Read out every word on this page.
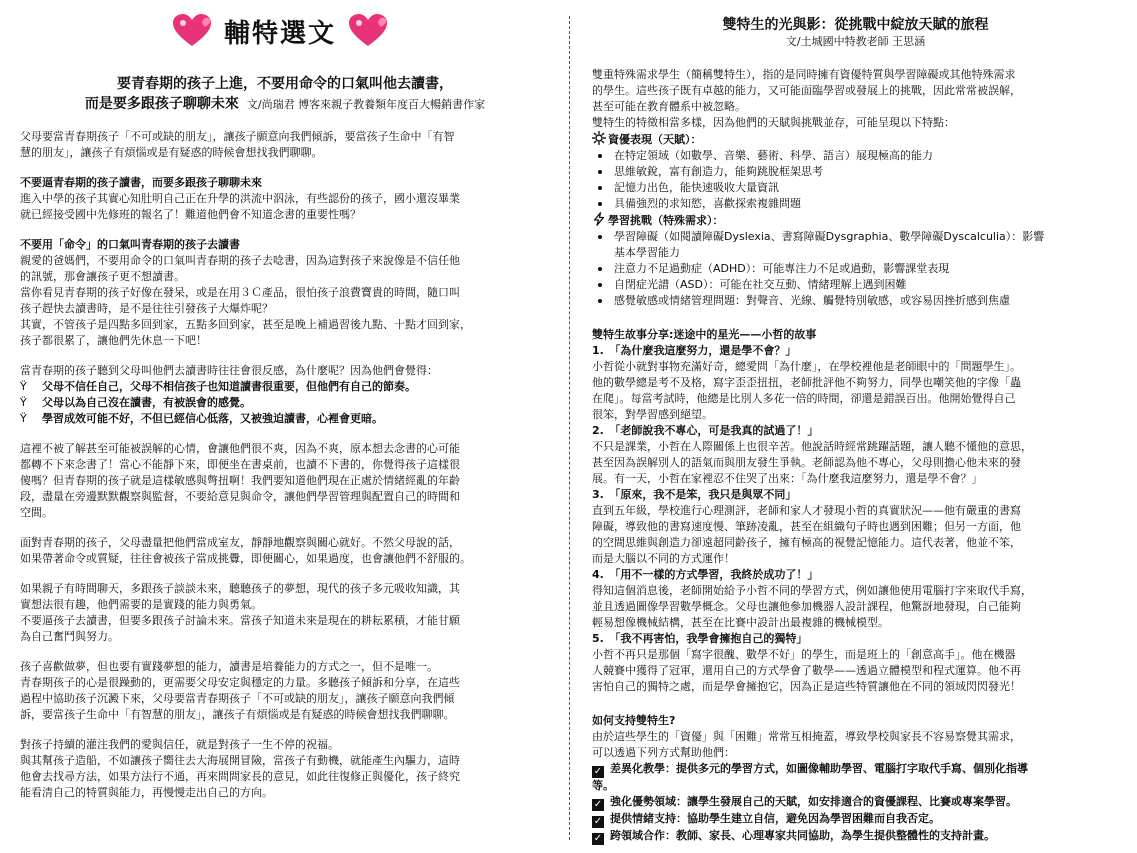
輔特選文
要青春期的孩子上進，不要用命令的口氣叫他去讀書，
而是要多跟孩子聊聊未來 文/尚瑞君 博客來親子教養類年度百大暢銷書作家

父母要當青春期孩子「不可或缺的朋友」，讓孩子願意向我們傾訴，要當孩子生命中「有智

慧的朋友」，讓孩子有煩惱或是有疑惑的時候會想找我們聊聊。

不要逼青春期的孩子讀書，而要多跟孩子聊聊未來

進入中學的孩子其實心知肚明自己正在升學的洪流中泅泳，有些認份的孩子，國小還沒畢業

就已經接受國中先修班的報名了！難道他們會不知道念書的重要性嗎？

不要用「命令」的口氣叫青春期的孩子去讀書

親愛的爸媽們，不要用命令的口氣叫青春期的孩子去唸書，因為這對孩子來說像是不信任他

的訊號，那會讓孩子更不想讀書。

當你看見青春期的孩子好像在發呆，或是在用３Ｃ產品，很怕孩子浪費寶貴的時間，隨口叫

孩子趕快去讀書時，是不是往往引發孩子大爆炸呢？

其實，不管孩子是四點多回到家，五點多回到家，甚至是晚上補過習後九點、十點才回到家，

孩子都很累了，讓他們先休息一下吧！

當青春期的孩子聽到父母叫他們去讀書時往往會很反感，為什麼呢？因為他們會覺得：

Ÿ 父母不信任自己，父母不相信孩子也知道讀書很重要，但他們有自己的節奏。
Ÿ 父母以為自己沒在讀書，有被誤會的感覺。
Ÿ 學習成效可能不好，不但已經信心低落，又被強迫讀書，心裡會更暗。

這裡不被了解甚至可能被誤解的心情，會讓他們很不爽，因為不爽，原本想去念書的心可能

都轉不下來念書了！當心不能靜下來，即便坐在書桌前，也讀不下書的，你覺得孩子這樣很

傻嗎？但青春期的孩子就是這樣敏感與彆扭啊！我們要知道他們現在正處於情緒經亂的年齡

段，盡量在旁邊默默觀察與監督，不要給意見與命令，讓他們學習管理與配置自己的時間和

空間。

面對青春期的孩子，父母盡量把他們當成室友，靜靜地觀察與關心就好。不然父母說的話，

如果帶著命令或質疑，往往會被孩子當成挑釁，即便關心，如果過度，也會讓他們不舒服的。

如果親子有時間聊天，多跟孩子談談未來，聽聽孩子的夢想，現代的孩子多元吸收知識，其

實想法很有趣，他們需要的是實踐的能力與勇氣。

不要逼孩子去讀書，但要多跟孩子討論未來。當孩子知道未來是現在的耕耘累積，才能甘願

為自己奮鬥與努力。

孩子喜歡做夢，但也要有實踐夢想的能力，讀書是培養能力的方式之一，但不是唯一。

青春期孩子的心是很躁動的，更需要父母安定與穩定的力量。多聽孩子傾訴和分享，在這些

過程中協助孩子沉澱下來，父母要當青春期孩子「不可或缺的朋友」，讓孩子願意向我們傾

訴，要當孩子生命中「有智慧的朋友」，讓孩子有煩惱或是有疑惑的時候會想找我們聊聊。

對孩子持續的灌注我們的愛與信任，就是對孩子一生不停的祝福。

與其幫孩子造船，不如讓孩子嚮往去大海展開冒險，當孩子有動機，就能產生內驅力，這時

他會去找尋方法，如果方法行不通，再來問問家長的意見，如此往復修正與優化，孩子終究

能看清自己的特質與能力，再慢慢走出自己的方向。

雙特生的光與影：從挑戰中綻放天賦的旅程
文/土城國中特教老師 王思涵

雙重特殊需求學生（簡稱雙特生），指的是同時擁有資優特質與學習障礙或其他特殊需求

的學生。這些孩子既有卓越的能力，又可能面臨學習或發展上的挑戰，因此常常被誤解，

甚至可能在教育體系中被忽略。

雙特生的特徵相當多樣，因為他們的天賦與挑戰並存，可能呈現以下特點：

資優表現（天賦）：

在特定領域（如數學、音樂、藝術、科學、語言）展現極高的能力
思維敏銳，富有創造力，能夠跳脫框架思考
記憶力出色，能快速吸收大量資訊
具備強烈的求知慾，喜歡探索複雜問題

學習挑戰（特殊需求）：

學習障礙（如閱讀障礙Dyslexia、書寫障礙Dysgraphia、數學障礙Dyscalculia）：影響
基本學習能力
注意力不足過動症（ADHD）：可能專注力不足或過動，影響課堂表現
自閉症光譜（ASD）：可能在社交互動、情緒理解上遇到困難
感覺敏感或情緒管理問題：對聲音、光線、觸覺特別敏感，或容易因挫折感到焦慮

雙特生故事分享:迷途中的星光——小哲的故事

1.　「為什麼我這麼努力，還是學不會？」

小哲從小就對事物充滿好奇，總愛問「為什麼」，在學校裡他是老師眼中的「問題學生」。

他的數學總是考不及格，寫字歪歪扭扭，老師批評他不夠努力，同學也嘲笑他的字像「蟲

在爬」。每當考試時，他總是比別人多花一倍的時間，卻還是錯誤百出。他開始覺得自己

很笨，對學習感到絕望。

2.　「老師說我不專心，可是我真的試過了！」

不只是課業，小哲在人際關係上也很辛苦。他說話時經常跳躍話題，讓人聽不懂他的意思，

甚至因為誤解別人的語氣而與朋友發生爭執。老師認為他不專心，父母則擔心他未來的發

展。有一天，小哲在家裡忍不住哭了出來：「為什麼我這麼努力，還是學不會？」

3.　「原來，我不是笨，我只是與眾不同」

直到五年級，學校進行心理測評，老師和家人才發現小哲的真實狀況——他有嚴重的書寫

障礙，導致他的書寫速度慢、筆跡凌亂，甚至在組織句子時也遇到困難；但另一方面，他

的空間思維與創造力卻遠超同齡孩子，擁有極高的視覺記憶能力。這代表著，他並不笨，

而是大腦以不同的方式運作！

4.　「用不一樣的方式學習，我終於成功了！」

得知這個消息後，老師開始給予小哲不同的學習方式，例如讓他使用電腦打字來取代手寫，

並且透過圖像學習數學概念。父母也讓他參加機器人設計課程，他驚訝地發現，自己能夠

輕易想像機械結構，甚至在比賽中設計出最複雜的機械模型。

5.　「我不再害怕，我學會擁抱自己的獨特」

小哲不再只是那個「寫字很醜、數學不好」的學生，而是班上的「創意高手」。他在機器

人競賽中獲得了冠軍，還用自己的方式學會了數學——透過立體模型和程式運算。他不再

害怕自己的獨特之處，而是學會擁抱它，因為正是這些特質讓他在不同的領域閃閃發光！

如何支持雙特生?

由於這些學生的「資優」與「困難」常常互相掩蓋，導致學校與家長不容易察覺其需求，

可以透過下列方式幫助他們：

✓ 差異化教學：提供多元的學習方式，如圖像輔助學習、電腦打字取代手寫、個別化指導
等。
✓ 強化優勢領域：讓學生發展自己的天賦，如安排適合的資優課程、比賽或專案學習。
✓ 提供情緒支持：協助學生建立自信，避免因為學習困難而自我否定。
✓ 跨領域合作：教師、家長、心理專家共同協助，為學生提供整體性的支持計畫。
